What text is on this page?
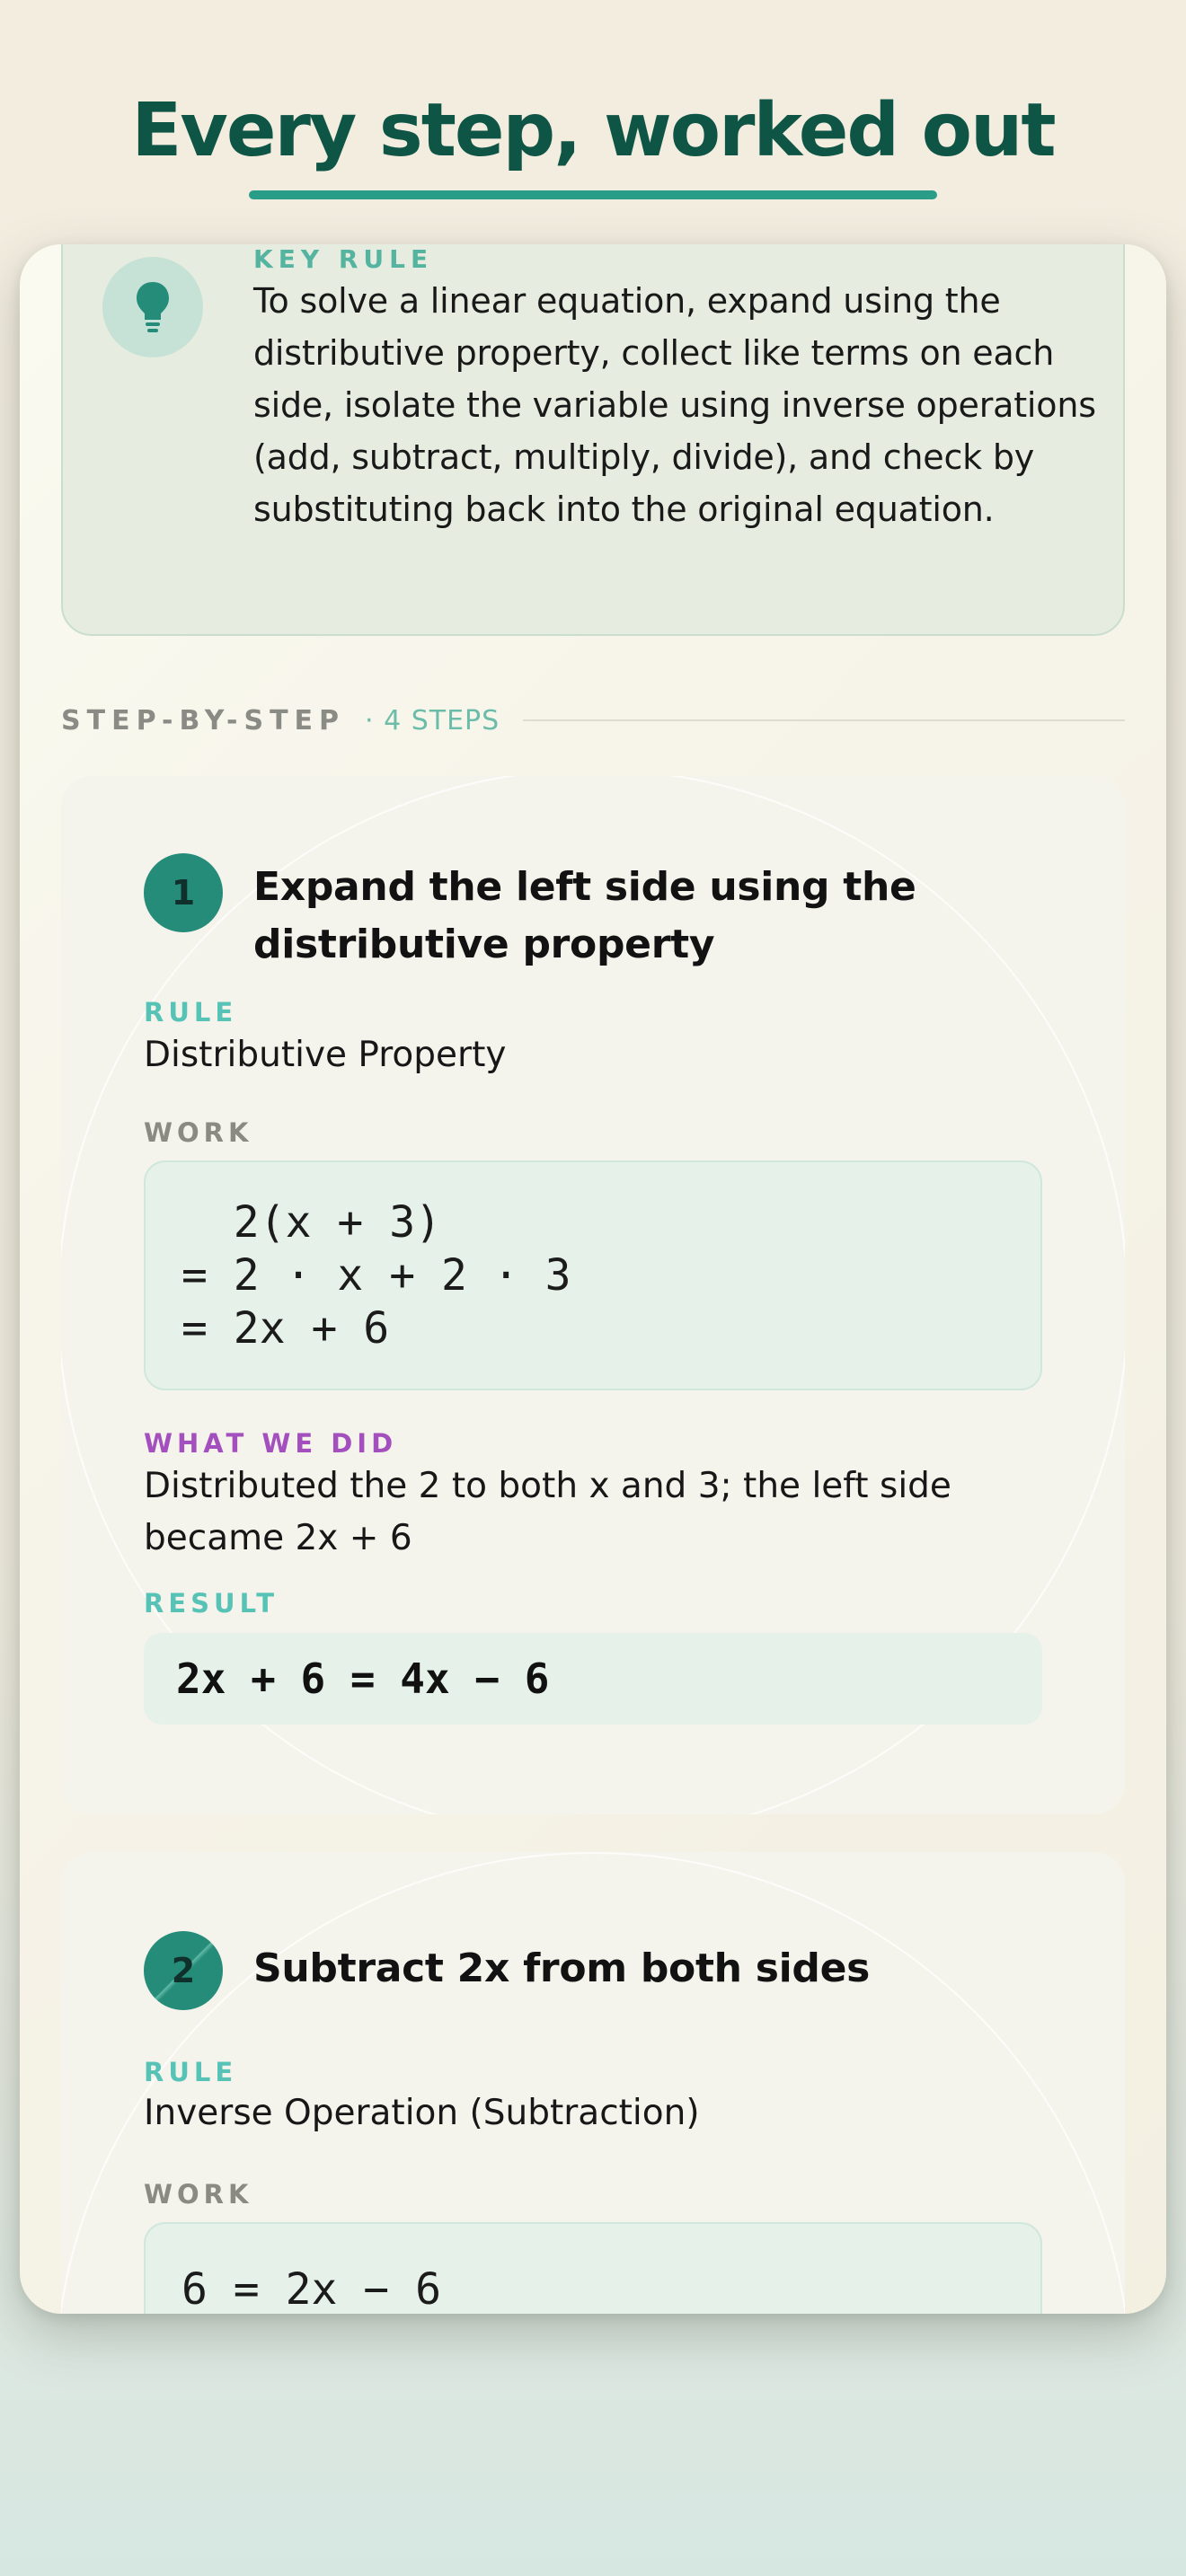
Every step, worked out
KEY RULE
To solve a linear equation, expand using the distributive property, collect like terms on each side, isolate the variable using inverse operations (add, subtract, multiply, divide), and check by substituting back into the original equation.
STEP-BY-STEP · 4 STEPS
1	Expand the left side using the distributive property
RULE
Distributive Property
WORK
2(x + 3)
= 2 · x + 2 · 3
= 2x + 6
WHAT WE DID
Distributed the 2 to both x and 3; the left side became 2x + 6
RESULT
2x + 6 = 4x − 6
2	Subtract 2x from both sides
RULE
Inverse Operation (Subtraction)
WORK
6 = 2x − 6
